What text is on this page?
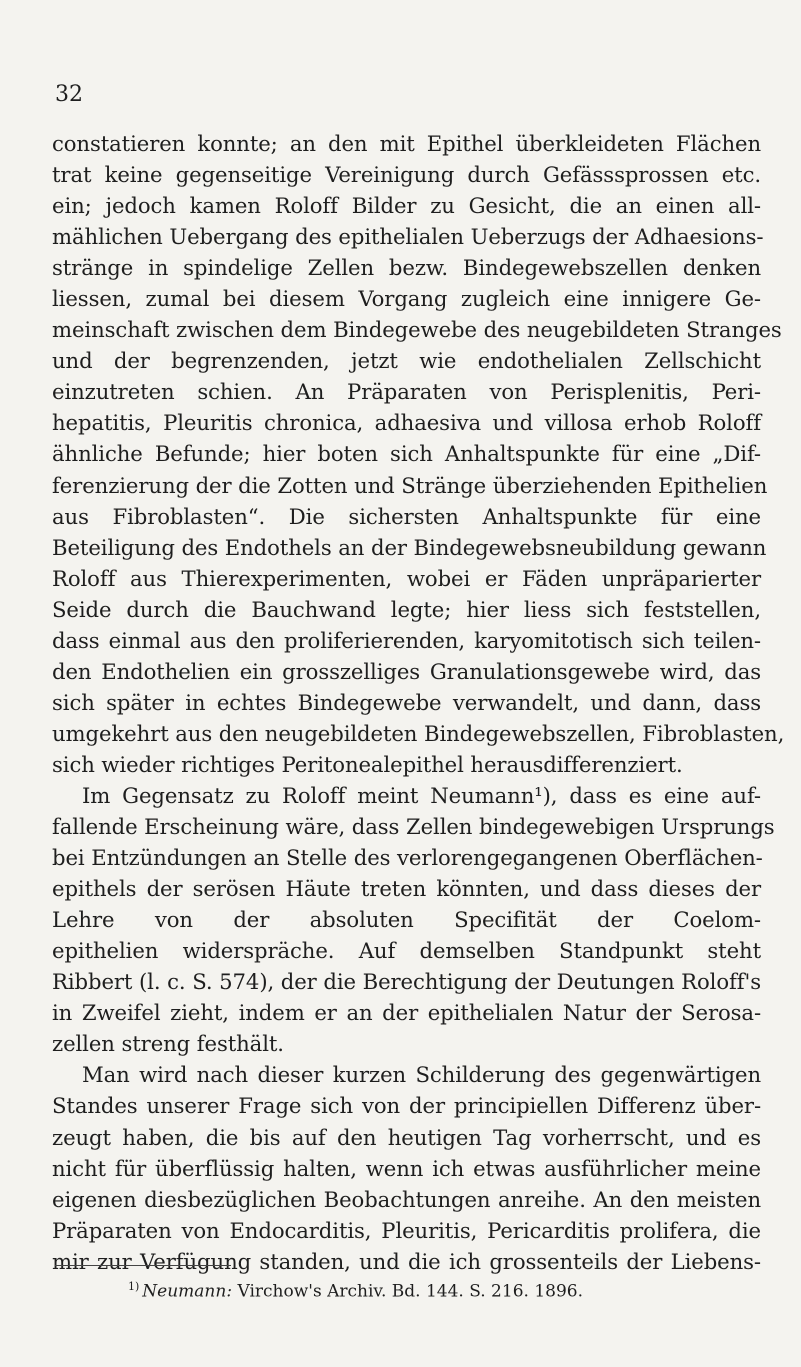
32
constatieren konnte; an den mit Epithel überkleideten Flächen
trat keine gegenseitige Vereinigung durch Gefässsprossen etc.
ein; jedoch kamen Roloff Bilder zu Gesicht, die an einen all-
mählichen Uebergang des epithelialen Ueberzugs der Adhaesions-
stränge in spindelige Zellen bezw. Bindegewebszellen denken
liessen, zumal bei diesem Vorgang zugleich eine innigere Ge-
meinschaft zwischen dem Bindegewebe des neugebildeten Stranges
und der begrenzenden, jetzt wie endothelialen Zellschicht
einzutreten schien. An Präparaten von Perisplenitis, Peri-
hepatitis, Pleuritis chronica, adhaesiva und villosa erhob Roloff
ähnliche Befunde; hier boten sich Anhaltspunkte für eine „Dif-
ferenzierung der die Zotten und Stränge überziehenden Epithelien
aus Fibroblasten“. Die sichersten Anhaltspunkte für eine
Beteiligung des Endothels an der Bindegewebsneubildung gewann
Roloff aus Thierexperimenten, wobei er Fäden unpräparierter
Seide durch die Bauchwand legte; hier liess sich feststellen,
dass einmal aus den proliferierenden, karyomitotisch sich teilen-
den Endothelien ein grosszelliges Granulationsgewebe wird, das
sich später in echtes Bindegewebe verwandelt, und dann, dass
umgekehrt aus den neugebildeten Bindegewebszellen, Fibroblasten,
sich wieder richtiges Peritonealepithel herausdifferenziert.
Im Gegensatz zu Roloff meint Neumann¹), dass es eine auf-
fallende Erscheinung wäre, dass Zellen bindegewebigen Ursprungs
bei Entzündungen an Stelle des verlorengegangenen Oberflächen-
epithels der serösen Häute treten könnten, und dass dieses der
Lehre von der absoluten Specifität der Coelom-
epithelien widerspräche. Auf demselben Standpunkt steht
Ribbert (l. c. S. 574), der die Berechtigung der Deutungen Roloff's
in Zweifel zieht, indem er an der epithelialen Natur der Serosa-
zellen streng festhält.
Man wird nach dieser kurzen Schilderung des gegenwärtigen
Standes unserer Frage sich von der principiellen Differenz über-
zeugt haben, die bis auf den heutigen Tag vorherrscht, und es
nicht für überflüssig halten, wenn ich etwas ausführlicher meine
eigenen diesbezüglichen Beobachtungen anreihe. An den meisten
Präparaten von Endocarditis, Pleuritis, Pericarditis prolifera, die
mir zur Verfügung standen, und die ich grossenteils der Liebens-
$^{1)}$ Neumann: Virchow's Archiv. Bd. 144. S. 216. 1896.
